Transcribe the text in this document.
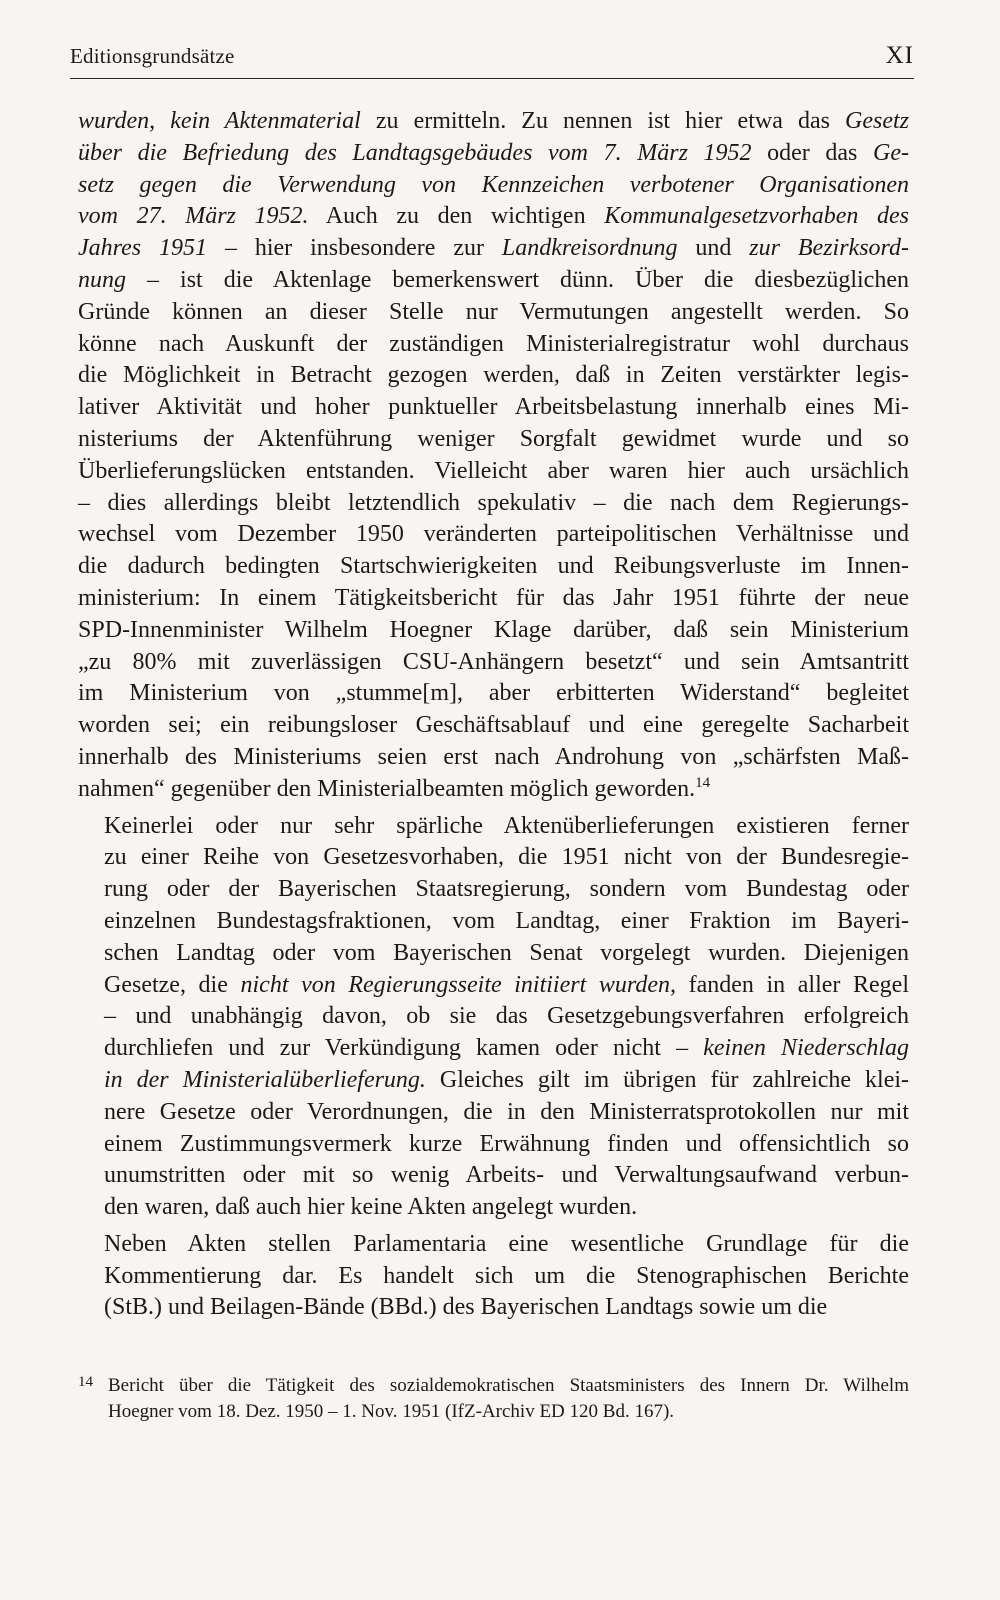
Editionsgrundsätze	XI

wurden, kein Aktenmaterial zu ermitteln. Zu nennen ist hier etwa das Gesetz
über die Befriedung des Landtagsgebäudes vom 7. März 1952 oder das Ge-
setz gegen die Verwendung von Kennzeichen verbotener Organisationen
vom 27. März 1952. Auch zu den wichtigen Kommunalgesetzvorhaben des
Jahres 1951 – hier insbesondere zur Landkreisordnung und zur Bezirksord-
nung – ist die Aktenlage bemerkenswert dünn. Über die diesbezüglichen
Gründe können an dieser Stelle nur Vermutungen angestellt werden. So
könne nach Auskunft der zuständigen Ministerialregistratur wohl durchaus
die Möglichkeit in Betracht gezogen werden, daß in Zeiten verstärkter legis-
lativer Aktivität und hoher punktueller Arbeitsbelastung innerhalb eines Mi-
nisteriums der Aktenführung weniger Sorgfalt gewidmet wurde und so
Überlieferungslücken entstanden. Vielleicht aber waren hier auch ursächlich
– dies allerdings bleibt letztendlich spekulativ – die nach dem Regierungs-
wechsel vom Dezember 1950 veränderten parteipolitischen Verhältnisse und
die dadurch bedingten Startschwierigkeiten und Reibungsverluste im Innen-
ministerium: In einem Tätigkeitsbericht für das Jahr 1951 führte der neue
SPD-Innenminister Wilhelm Hoegner Klage darüber, daß sein Ministerium
„zu 80% mit zuverlässigen CSU-Anhängern besetzt“ und sein Amtsantritt
im Ministerium von „stumme[m], aber erbitterten Widerstand“ begleitet
worden sei; ein reibungsloser Geschäftsablauf und eine geregelte Sacharbeit
innerhalb des Ministeriums seien erst nach Androhung von „schärfsten Maß-
nahmen“ gegenüber den Ministerialbeamten möglich geworden.$^{14}$

Keinerlei oder nur sehr spärliche Aktenüberlieferungen existieren ferner
zu einer Reihe von Gesetzesvorhaben, die 1951 nicht von der Bundesregie-
rung oder der Bayerischen Staatsregierung, sondern vom Bundestag oder
einzelnen Bundestagsfraktionen, vom Landtag, einer Fraktion im Bayeri-
schen Landtag oder vom Bayerischen Senat vorgelegt wurden. Diejenigen
Gesetze, die nicht von Regierungsseite initiiert wurden, fanden in aller Regel
– und unabhängig davon, ob sie das Gesetzgebungsverfahren erfolgreich
durchliefen und zur Verkündigung kamen oder nicht – keinen Niederschlag
in der Ministerialüberlieferung. Gleiches gilt im übrigen für zahlreiche klei-
nere Gesetze oder Verordnungen, die in den Ministerratsprotokollen nur mit
einem Zustimmungsvermerk kurze Erwähnung finden und offensichtlich so
unumstritten oder mit so wenig Arbeits- und Verwaltungsaufwand verbun-
den waren, daß auch hier keine Akten angelegt wurden.

Neben Akten stellen Parlamentaria eine wesentliche Grundlage für die
Kommentierung dar. Es handelt sich um die Stenographischen Berichte
(StB.) und Beilagen-Bände (BBd.) des Bayerischen Landtags sowie um die

14 Bericht über die Tätigkeit des sozialdemokratischen Staatsministers des Innern Dr. Wilhelm
Hoegner vom 18. Dez. 1950 – 1. Nov. 1951 (IfZ-Archiv ED 120 Bd. 167).
